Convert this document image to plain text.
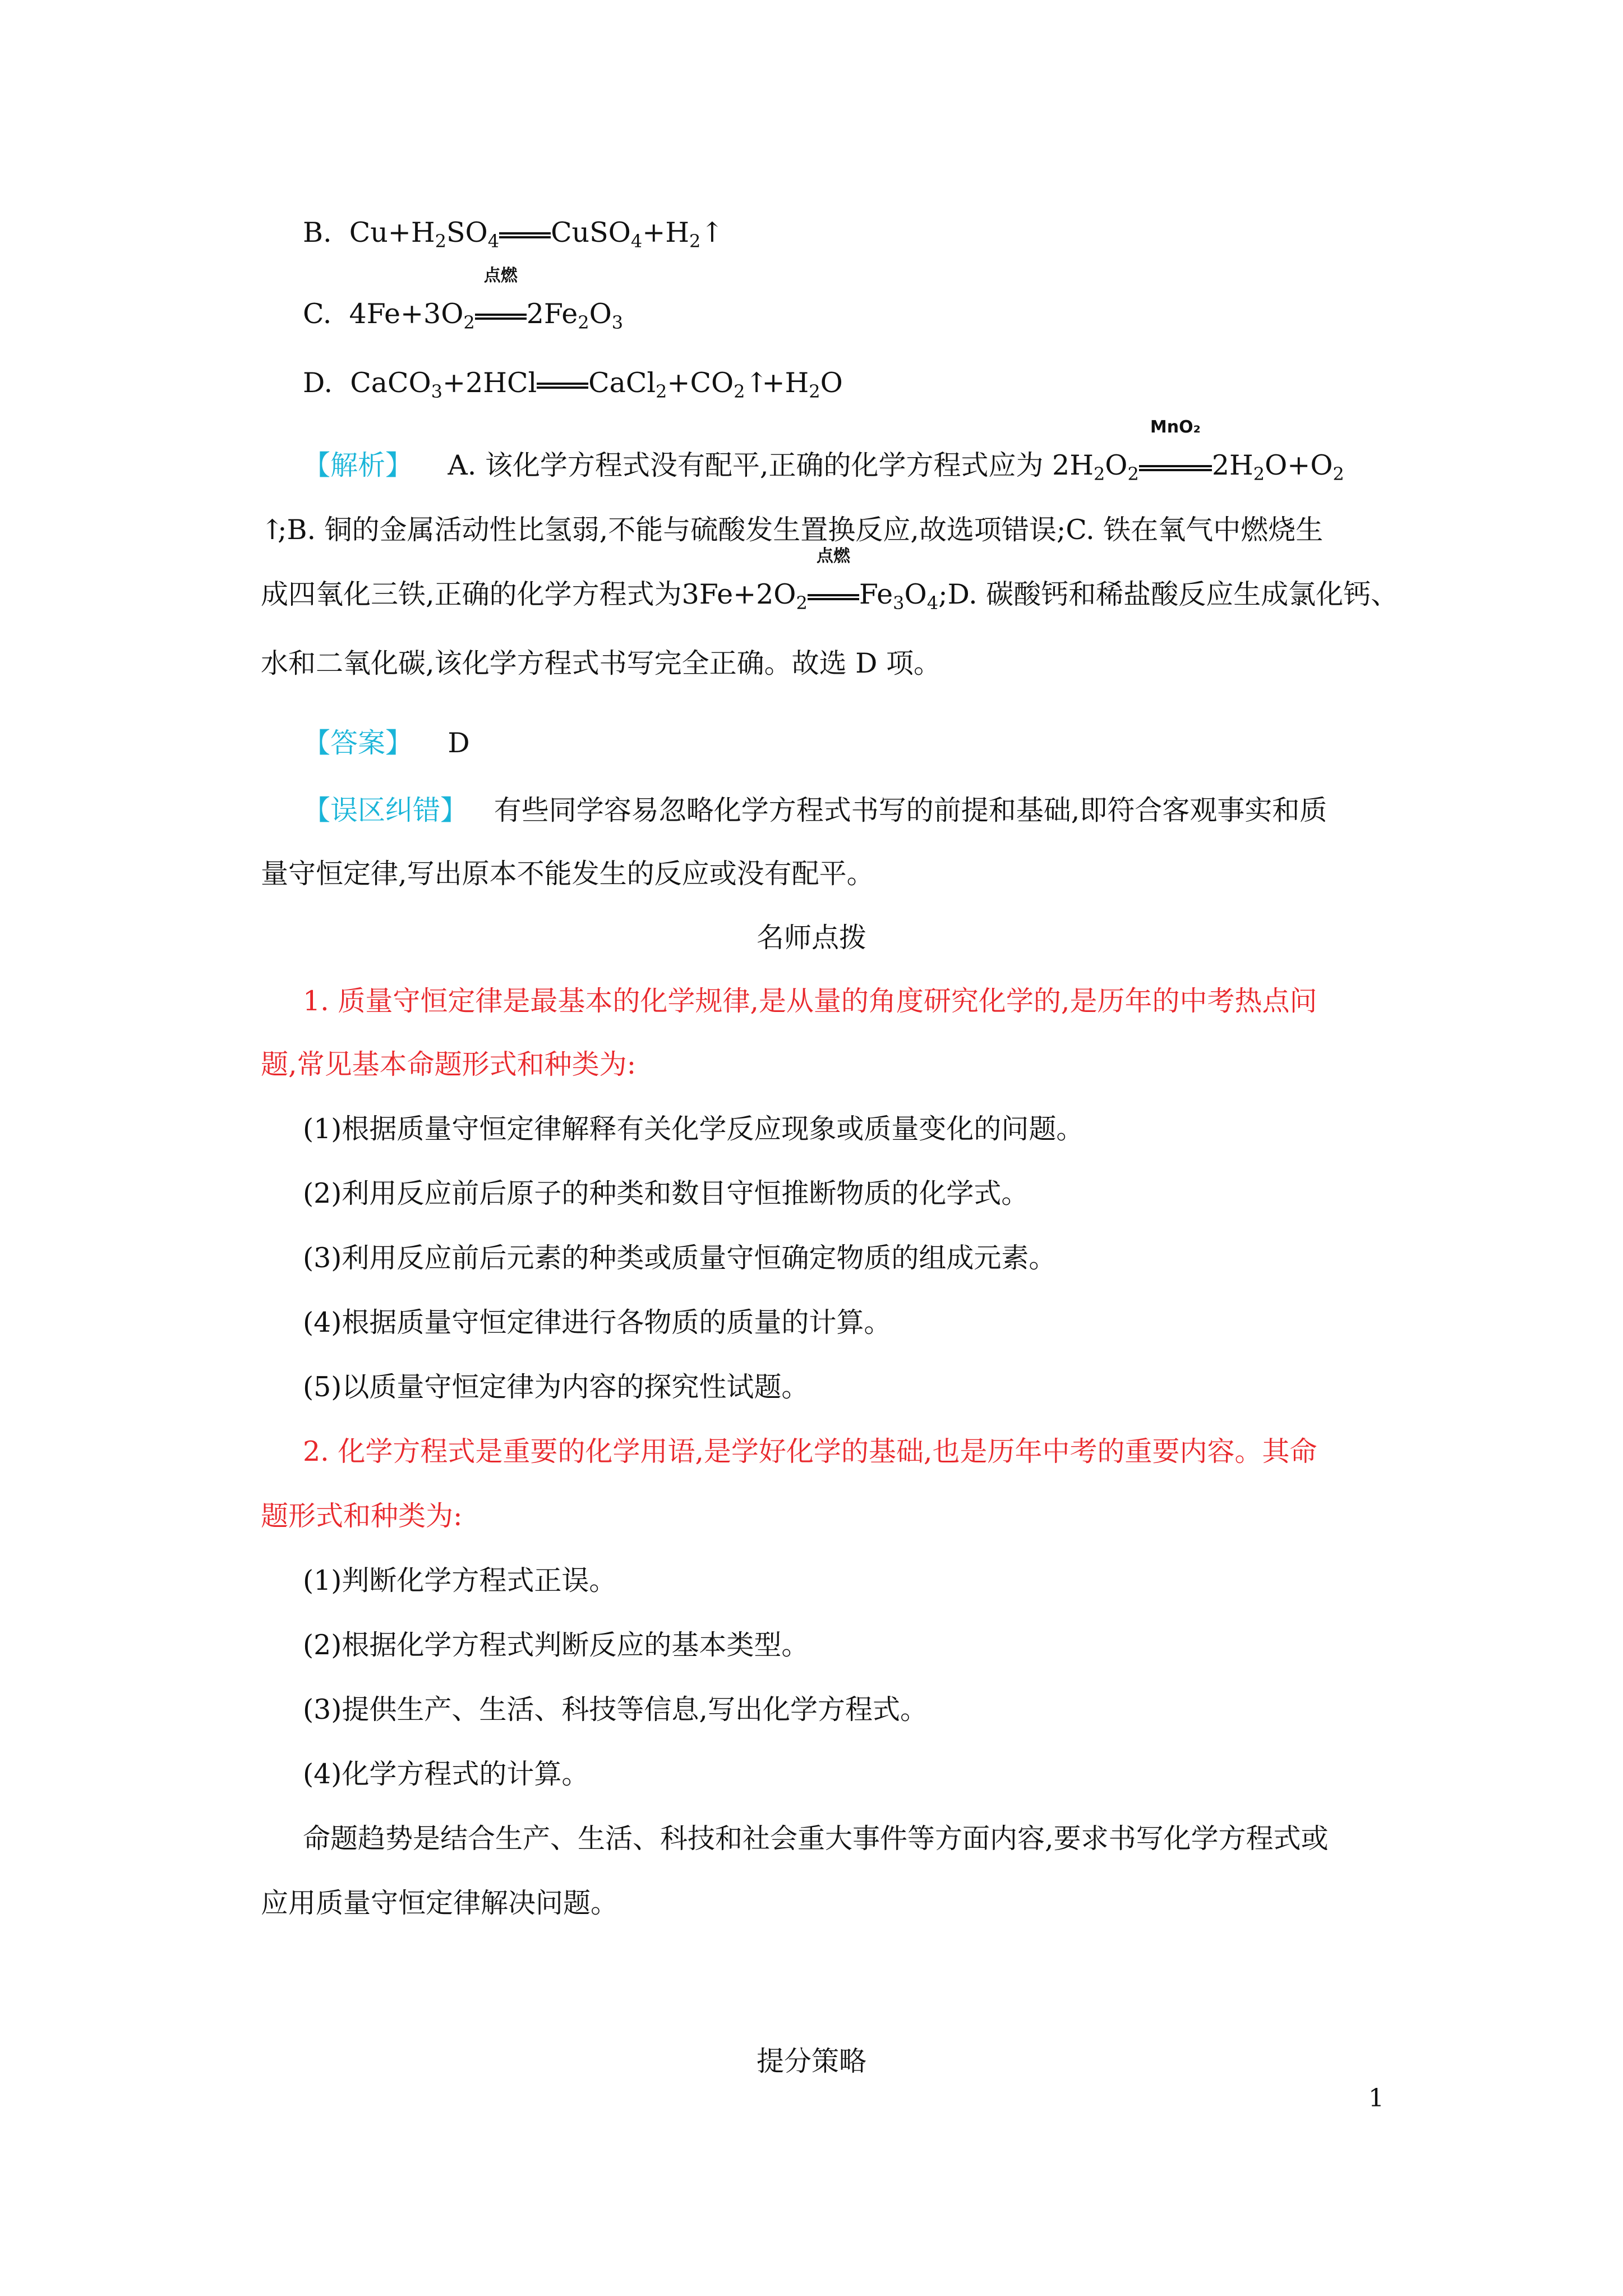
B.  $Cu+H_2SO_4$ $CuSO_4+H_2↑$
C.  $4Fe+3O_2$
点燃
$2Fe_2O_3$
D.  CaCO$_3$+2HCl $CaCl_2+CO_2↑+H_2O$
【解析】 A. 该化学方程式没有配平,正确的化学方程式应为 $2H_2O_2$
MnO₂
$2H_2O+O_2$
↑;B. 铜的金属活动性比氢弱,不能与硫酸发生置换反应,故选项错误;C. 铁在氧气中燃烧生
成四氧化三铁,正确的化学方程式为$3Fe+2O_2$
点燃
$Fe_3O_4;D$. 碳酸钙和稀盐酸反应生成氯化钙、
水和二氧化碳,该化学方程式书写完全正确。故选 D 项。
【答案】 D
【误区纠错】 有些同学容易忽略化学方程式书写的前提和基础,即符合客观事实和质
量守恒定律,写出原本不能发生的反应或没有配平。
名师点拨
1. 质量守恒定律是最基本的化学规律,是从量的角度研究化学的,是历年的中考热点问
题,常见基本命题形式和种类为:
(1)根据质量守恒定律解释有关化学反应现象或质量变化的问题。
(2)利用反应前后原子的种类和数目守恒推断物质的化学式。
(3)利用反应前后元素的种类或质量守恒确定物质的组成元素。
(4)根据质量守恒定律进行各物质的质量的计算。
(5)以质量守恒定律为内容的探究性试题。
2. 化学方程式是重要的化学用语,是学好化学的基础,也是历年中考的重要内容。其命
题形式和种类为:
(1)判断化学方程式正误。
(2)根据化学方程式判断反应的基本类型。
(3)提供生产、生活、科技等信息,写出化学方程式。
(4)化学方程式的计算。
命题趋势是结合生产、生活、科技和社会重大事件等方面内容,要求书写化学方程式或
应用质量守恒定律解决问题。
提分策略
1
